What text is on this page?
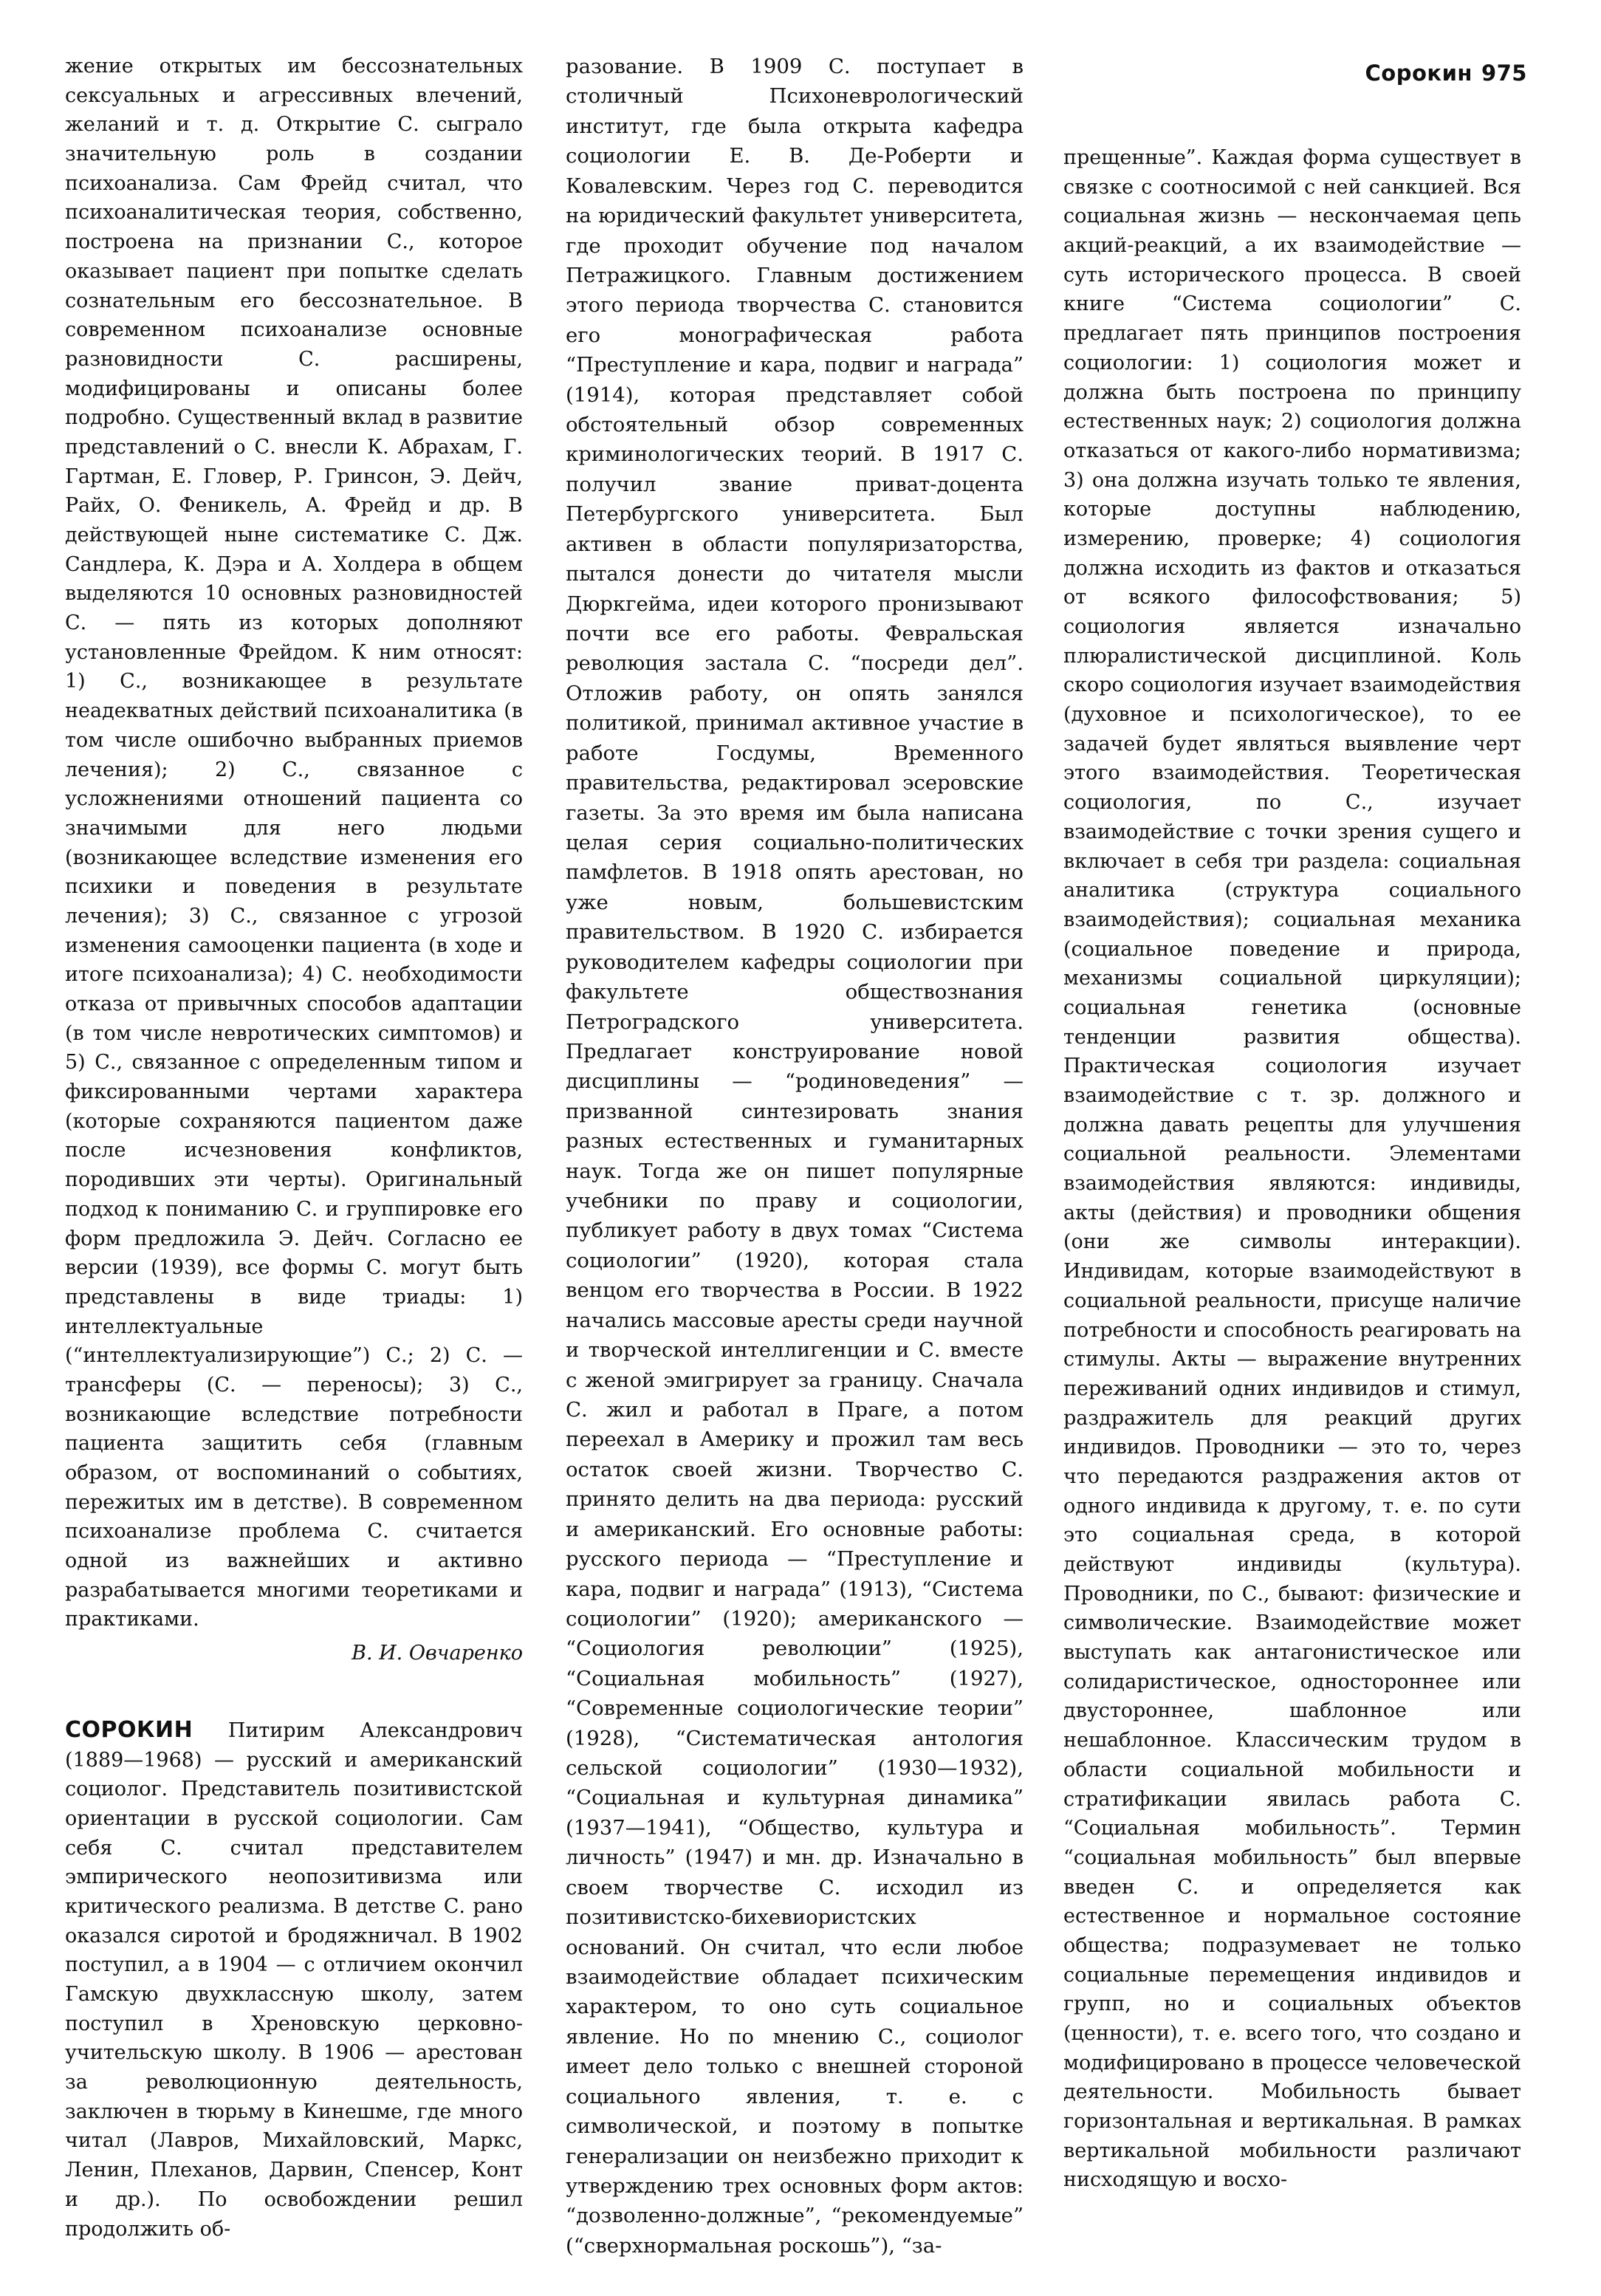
Сорокин 975

жение открытых им бессознательных сексуальных и агрессивных влечений, желаний и т. д. Открытие С. сыграло значительную роль в создании психоанализа. Сам Фрейд считал, что психоаналитическая теория, собственно, построена на признании С., которое оказывает пациент при попытке сделать сознательным его бессознательное. В современном психоанализе основные разновидности С. расширены, модифицированы и описаны более подробно. Существенный вклад в развитие представлений о С. внесли К. Абрахам, Г. Гартман, Е. Гловер, Р. Гринсон, Э. Дейч, Райх, О. Феникель, А. Фрейд и др. В действующей ныне систематике С. Дж. Сандлера, К. Дэра и А. Холдера в общем выделяются 10 основных разновидностей С. — пять из которых дополняют установленные Фрейдом. К ним относят: 1) С., возникающее в результате неадекватных действий психоаналитика (в том числе ошибочно выбранных приемов лечения); 2) С., связанное с усложнениями отношений пациента со значимыми для него людьми (возникающее вследствие изменения его психики и поведения в результате лечения); 3) С., связанное с угрозой изменения самооценки пациента (в ходе и итоге психоанализа); 4) С. необходимости отказа от привычных способов адаптации (в том числе невротических симптомов) и 5) С., связанное с определенным типом и фиксированными чертами характера (которые сохраняются пациентом даже после исчезновения конфликтов, породивших эти черты). Оригинальный подход к пониманию С. и группировке его форм предложила Э. Дейч. Согласно ее версии (1939), все формы С. могут быть представлены в виде триады: 1) интеллектуальные (“интеллектуализирующие”) С.; 2) С. — трансферы (С. — переносы); 3) С., возникающие вследствие потребности пациента защитить себя (главным образом, от воспоминаний о событиях, пережитых им в детстве). В современном психоанализе проблема С. считается одной из важнейших и активно разрабатывается многими теоретиками и практиками.

В. И. Овчаренко

СОРОКИН Питирим Александрович (1889—1968) — русский и американский социолог. Представитель позитивистской ориентации в русской социологии. Сам себя С. считал представителем эмпирического неопозитивизма или критического реализма. В детстве С. рано оказался сиротой и бродяжничал. В 1902 поступил, а в 1904 — с отличием окончил Гамскую двухклассную школу, затем поступил в Хреновскую церковно-учительскую школу. В 1906 — арестован за революционную деятельность, заключен в тюрьму в Кинешме, где много читал (Лавров, Михайловский, Маркс, Ленин, Плеханов, Дарвин, Спенсер, Конт и др.). По освобождении решил продолжить об-

разование. В 1909 С. поступает в столичный Психоневрологический институт, где была открыта кафедра социологии Е. В. Де-Роберти и Ковалевским. Через год С. переводится на юридический факультет университета, где проходит обучение под началом Петражицкого. Главным достижением этого периода творчества С. становится его монографическая работа “Преступление и кара, подвиг и награда” (1914), которая представляет собой обстоятельный обзор современных криминологических теорий. В 1917 С. получил звание приват-доцента Петербургского университета. Был активен в области популяризаторства, пытался донести до читателя мысли Дюркгейма, идеи которого пронизывают почти все его работы. Февральская революция застала С. “посреди дел”. Отложив работу, он опять занялся политикой, принимал активное участие в работе Госдумы, Временного правительства, редактировал эсеровские газеты. За это время им была написана целая серия социально-политических памфлетов. В 1918 опять арестован, но уже новым, большевистским правительством. В 1920 С. избирается руководителем кафедры социологии при факультете обществознания Петроградского университета. Предлагает конструирование новой дисциплины — “родиноведения” — призванной синтезировать знания разных естественных и гуманитарных наук. Тогда же он пишет популярные учебники по праву и социологии, публикует работу в двух томах “Система социологии” (1920), которая стала венцом его творчества в России. В 1922 начались массовые аресты среди научной и творческой интеллигенции и С. вместе с женой эмигрирует за границу. Сначала С. жил и работал в Праге, а потом переехал в Америку и прожил там весь остаток своей жизни. Творчество С. принято делить на два периода: русский и американский. Его основные работы: русского периода — “Преступление и кара, подвиг и награда” (1913), “Система социологии” (1920); американского — “Социология революции” (1925), “Социальная мобильность” (1927), “Современные социологические теории” (1928), “Систематическая антология сельской социологии” (1930—1932), “Социальная и культурная динамика” (1937—1941), “Общество, культура и личность” (1947) и мн. др. Изначально в своем творчестве С. исходил из позитивистско-бихевиористских оснований. Он считал, что если любое взаимодействие обладает психическим характером, то оно суть социальное явление. Но по мнению С., социолог имеет дело только с внешней стороной социального явления, т. е. с символической, и поэтому в попытке генерализации он неизбежно приходит к утверждению трех основных форм актов: “дозволенно-должные”, “рекомендуемые” (“сверхнормальная роскошь”), “за-

прещенные”. Каждая форма существует в связке с соотносимой с ней санкцией. Вся социальная жизнь — нескончаемая цепь акций-реакций, а их взаимодействие — суть исторического процесса. В своей книге “Система социологии” С. предлагает пять принципов построения социологии: 1) социология может и должна быть построена по принципу естественных наук; 2) социология должна отказаться от какого-либо нормативизма; 3) она должна изучать только те явления, которые доступны наблюдению, измерению, проверке; 4) социология должна исходить из фактов и отказаться от всякого философствования; 5) социология является изначально плюралистической дисциплиной. Коль скоро социология изучает взаимодействия (духовное и психологическое), то ее задачей будет являться выявление черт этого взаимодействия. Теоретическая социология, по С., изучает взаимодействие с точки зрения сущего и включает в себя три раздела: социальная аналитика (структура социального взаимодействия); социальная механика (социальное поведение и природа, механизмы социальной циркуляции); социальная генетика (основные тенденции развития общества). Практическая социология изучает взаимодействие с т. зр. должного и должна давать рецепты для улучшения социальной реальности. Элементами взаимодействия являются: индивиды, акты (действия) и проводники общения (они же символы интеракции). Индивидам, которые взаимодействуют в социальной реальности, присуще наличие потребности и способность реагировать на стимулы. Акты — выражение внутренних переживаний одних индивидов и стимул, раздражитель для реакций других индивидов. Проводники — это то, через что передаются раздражения актов от одного индивида к другому, т. е. по сути это социальная среда, в которой действуют индивиды (культура). Проводники, по С., бывают: физические и символические. Взаимодействие может выступать как антагонистическое или солидаристическое, одностороннее или двустороннее, шаблонное или нешаблонное. Классическим трудом в области социальной мобильности и стратификации явилась работа С. “Социальная мобильность”. Термин “социальная мобильность” был впервые введен С. и определяется как естественное и нормальное состояние общества; подразумевает не только социальные перемещения индивидов и групп, но и социальных объектов (ценности), т. е. всего того, что создано и модифицировано в процессе человеческой деятельности. Мобильность бывает горизонтальная и вертикальная. В рамках вертикальной мобильности различают нисходящую и восхо-
